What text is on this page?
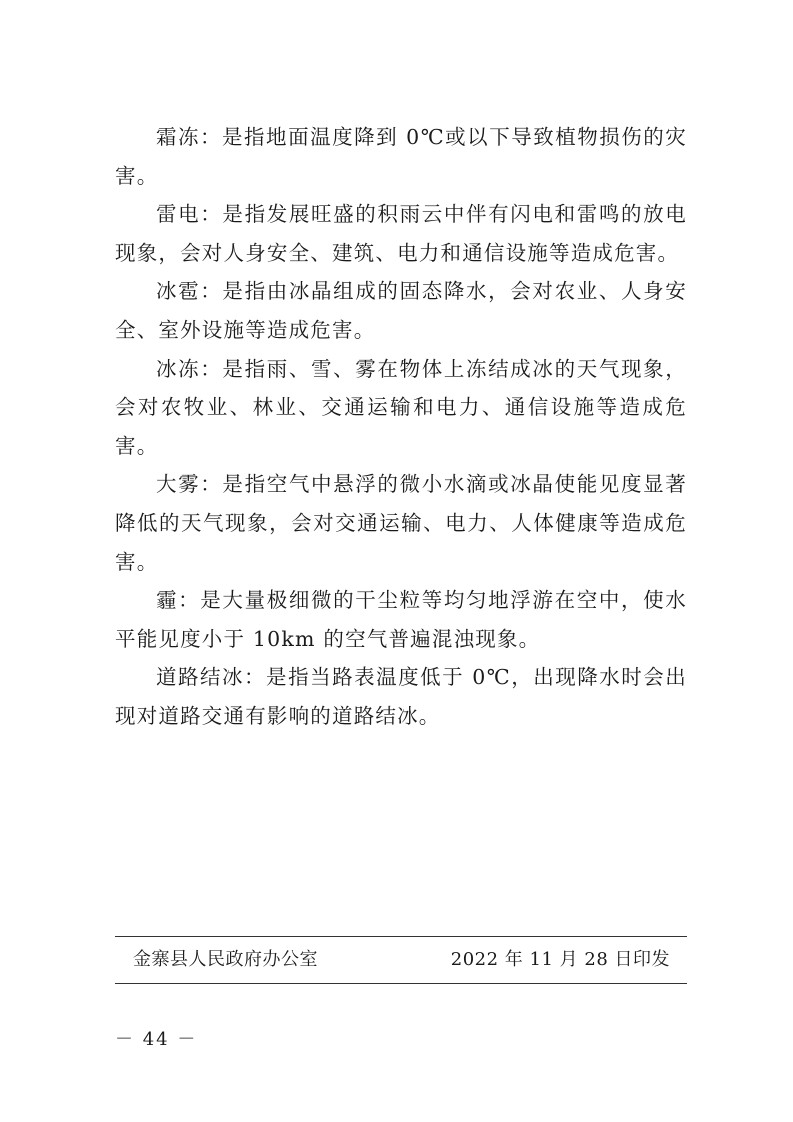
霜冻：是指地面温度降到 0℃或以下导致植物损伤的灾害。

雷电：是指发展旺盛的积雨云中伴有闪电和雷鸣的放电现象，会对人身安全、建筑、电力和通信设施等造成危害。

冰雹：是指由冰晶组成的固态降水，会对农业、人身安全、室外设施等造成危害。

冰冻：是指雨、雪、雾在物体上冻结成冰的天气现象，会对农牧业、林业、交通运输和电力、通信设施等造成危害。

大雾：是指空气中悬浮的微小水滴或冰晶使能见度显著降低的天气现象，会对交通运输、电力、人体健康等造成危害。

霾：是大量极细微的干尘粒等均匀地浮游在空中，使水平能见度小于 10km 的空气普遍混浊现象。

道路结冰：是指当路表温度低于 0℃，出现降水时会出现对道路交通有影响的道路结冰。

金寨县人民政府办公室	2022 年 11 月 28 日印发
－ 44 －
